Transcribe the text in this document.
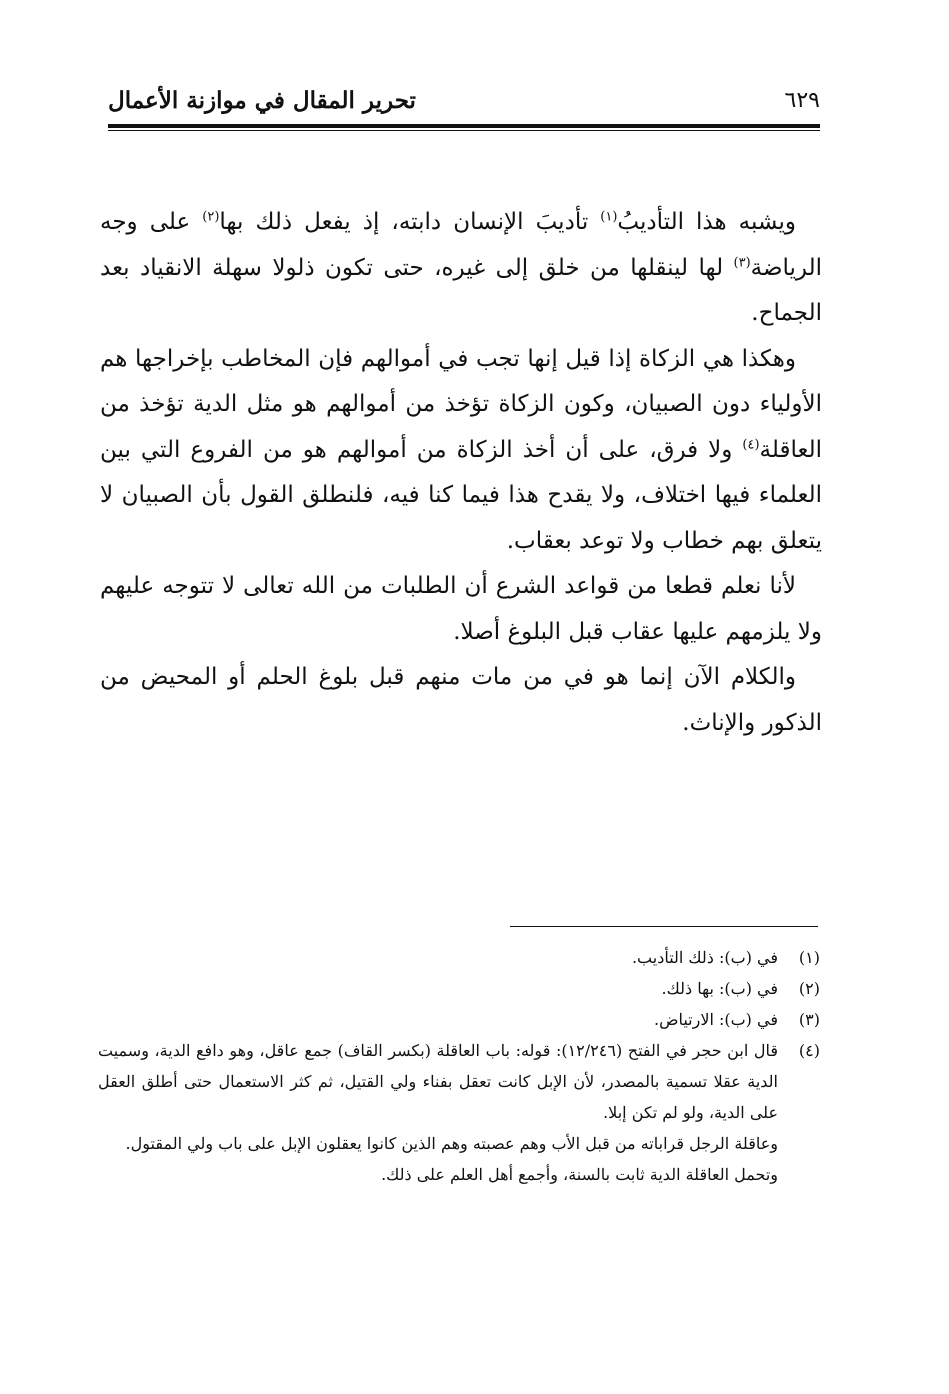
٦٢٩
تحرير المقال في موازنة الأعمال

ويشبه هذا التأديبُ$^{(١)}$ تأديبَ الإنسان دابته، إذ يفعل ذلك بها$^{(٢)}$ على وجه الرياضة$^{(٣)}$ لها لينقلها من خلق إلى غيره، حتى تكون ذلولا سهلة الانقياد بعد الجماح.

وهكذا هي الزكاة إذا قيل إنها تجب في أموالهم فإن المخاطب بإخراجها هم الأولياء دون الصبيان، وكون الزكاة تؤخذ من أموالهم هو مثل الدية تؤخذ من العاقلة$^{(٤)}$ ولا فرق، على أن أخذ الزكاة من أموالهم هو من الفروع التي بين العلماء فيها اختلاف، ولا يقدح هذا فيما كنا فيه، فلنطلق القول بأن الصبيان لا يتعلق بهم خطاب ولا توعد بعقاب.

لأنا نعلم قطعا من قواعد الشرع أن الطلبات من الله تعالى لا تتوجه عليهم ولا يلزمهم عليها عقاب قبل البلوغ أصلا.

والكلام الآن إنما هو في من مات منهم قبل بلوغ الحلم أو المحيض من الذكور والإناث.

(١)
في (ب): ذلك التأديب.
(٢)
في (ب): بها ذلك.
(٣)
في (ب): الارتياض.
(٤)
قال ابن حجر في الفتح (١٢/٢٤٦): قوله: باب العاقلة (بكسر القاف) جمع عاقل، وهو دافع الدية، وسميت الدية عقلا تسمية بالمصدر، لأن الإبل كانت تعقل بفناء ولي القتيل، ثم كثر الاستعمال حتى أطلق العقل على الدية، ولو لم تكن إبلا.
وعاقلة الرجل قراباته من قبل الأب وهم عصبته وهم الذين كانوا يعقلون الإبل على باب ولي المقتول.
وتحمل العاقلة الدية ثابت بالسنة، وأجمع أهل العلم على ذلك.
